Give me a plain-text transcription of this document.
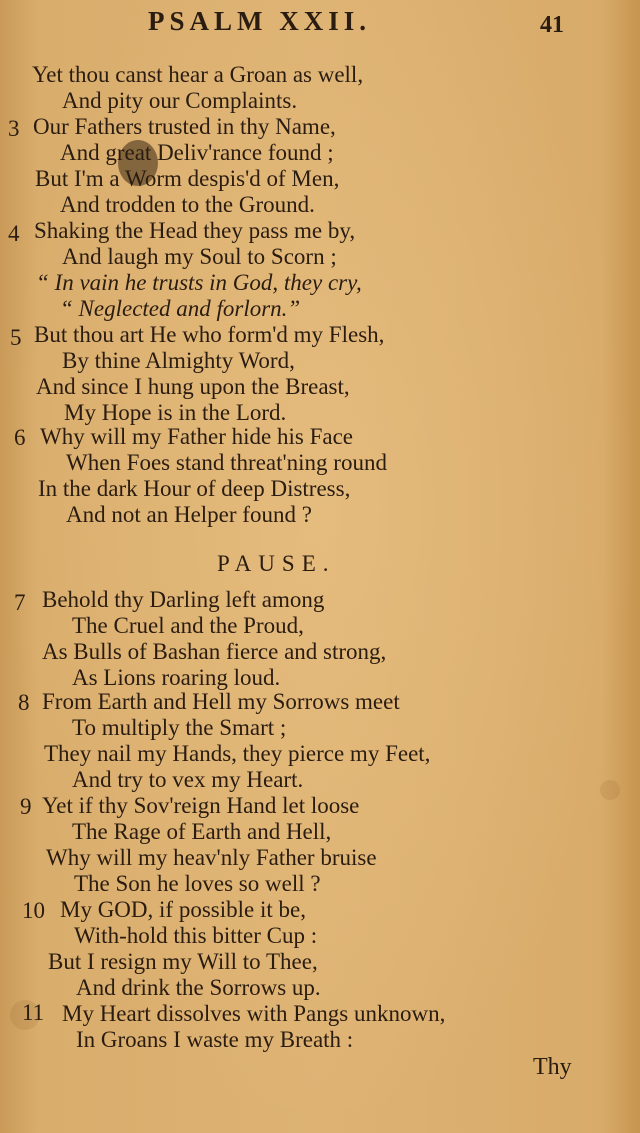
PSALM XXII.	41
3
4
5
6
7
8
9
10
11
Yet thou canst hear a Groan as well,
And pity our Complaints.
Our Fathers trusted in thy Name,
And great Deliv'rance found ;
But I'm a Worm despis'd of Men,
And trodden to the Ground.
Shaking the Head they pass me by,
And laugh my Soul to Scorn ;
“ In vain he trusts in God, they cry,
“ Neglected and forlorn.”
But thou art He who form'd my Flesh,
By thine Almighty Word,
And since I hung upon the Breast,
My Hope is in the Lord.
Why will my Father hide his Face
When Foes stand threat'ning round
In the dark Hour of deep Distress,
And not an Helper found ?
PAUSE.
Behold thy Darling left among
The Cruel and the Proud,
As Bulls of Bashan fierce and strong,
As Lions roaring loud.
From Earth and Hell my Sorrows meet
To multiply the Smart ;
They nail my Hands, they pierce my Feet,
And try to vex my Heart.
Yet if thy Sov'reign Hand let loose
The Rage of Earth and Hell,
Why will my heav'nly Father bruise
The Son he loves so well ?
My GOD, if possible it be,
With-hold this bitter Cup :
But I resign my Will to Thee,
And drink the Sorrows up.
My Heart dissolves with Pangs unknown,
In Groans I waste my Breath :
Thy
